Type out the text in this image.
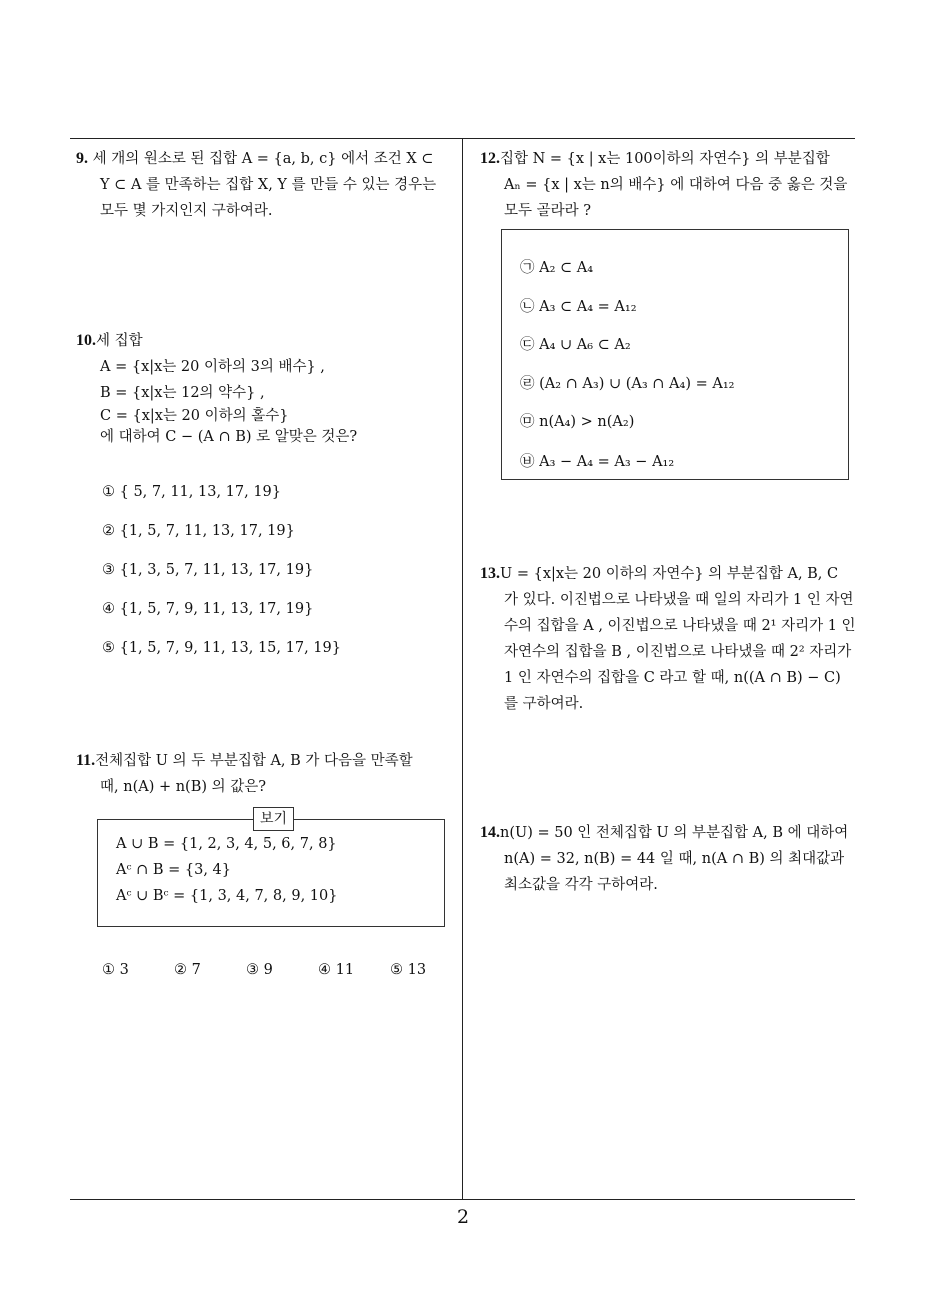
9. 세 개의 원소로 된 집합 A = {a, b, c} 에서 조건 X ⊂
Y ⊂ A 를 만족하는 집합 X, Y 를 만들 수 있는 경우는
모두 몇 가지인지 구하여라.
10.세 집합
A = {x|x는 20 이하의 3의 배수} ,
B = {x|x는 12의 약수} ,
C = {x|x는 20 이하의 홀수}
에 대하여 C − (A ∩ B) 로 알맞은 것은?
① { 5, 7, 11, 13, 17, 19}
② {1, 5, 7, 11, 13, 17, 19}
③ {1, 3, 5, 7, 11, 13, 17, 19}
④ {1, 5, 7, 9, 11, 13, 17, 19}
⑤ {1, 5, 7, 9, 11, 13, 15, 17, 19}
11.전체집합 U 의 두 부분집합 A, B 가 다음을 만족할
때, n(A) + n(B) 의 값은?
보기
A ∪ B = {1, 2, 3, 4, 5, 6, 7, 8}
Aᶜ ∩ B = {3, 4}
Aᶜ ∪ Bᶜ = {1, 3, 4, 7, 8, 9, 10}
① 3	② 7	③ 9	④ 11 ⑤ 13
12.집합 N = {x | x는 100이하의 자연수} 의 부분집합
Aₙ = {x | x는 n의 배수} 에 대하여 다음 중 옳은 것을
모두 골라라 ?
㉠ A₂ ⊂ A₄
㉡ A₃ ⊂ A₄ = A₁₂
㉢ A₄ ∪ A₆ ⊂ A₂
㉣ (A₂ ∩ A₃) ∪ (A₃ ∩ A₄) = A₁₂
㉤ n(A₄) > n(A₂)
㉥ A₃ − A₄ = A₃ − A₁₂
13.U = {x|x는 20 이하의 자연수} 의 부분집합 A, B, C
가 있다. 이진법으로 나타냈을 때 일의 자리가 1 인 자연
수의 집합을 A , 이진법으로 나타냈을 때 2¹ 자리가 1 인
자연수의 집합을 B , 이진법으로 나타냈을 때 2² 자리가
1 인 자연수의 집합을 C 라고 할 때, n((A ∩ B) − C)
를 구하여라.
14.n(U) = 50 인 전체집합 U 의 부분집합 A, B 에 대하여
n(A) = 32, n(B) = 44 일 때, n(A ∩ B) 의 최대값과
최소값을 각각 구하여라.
2
